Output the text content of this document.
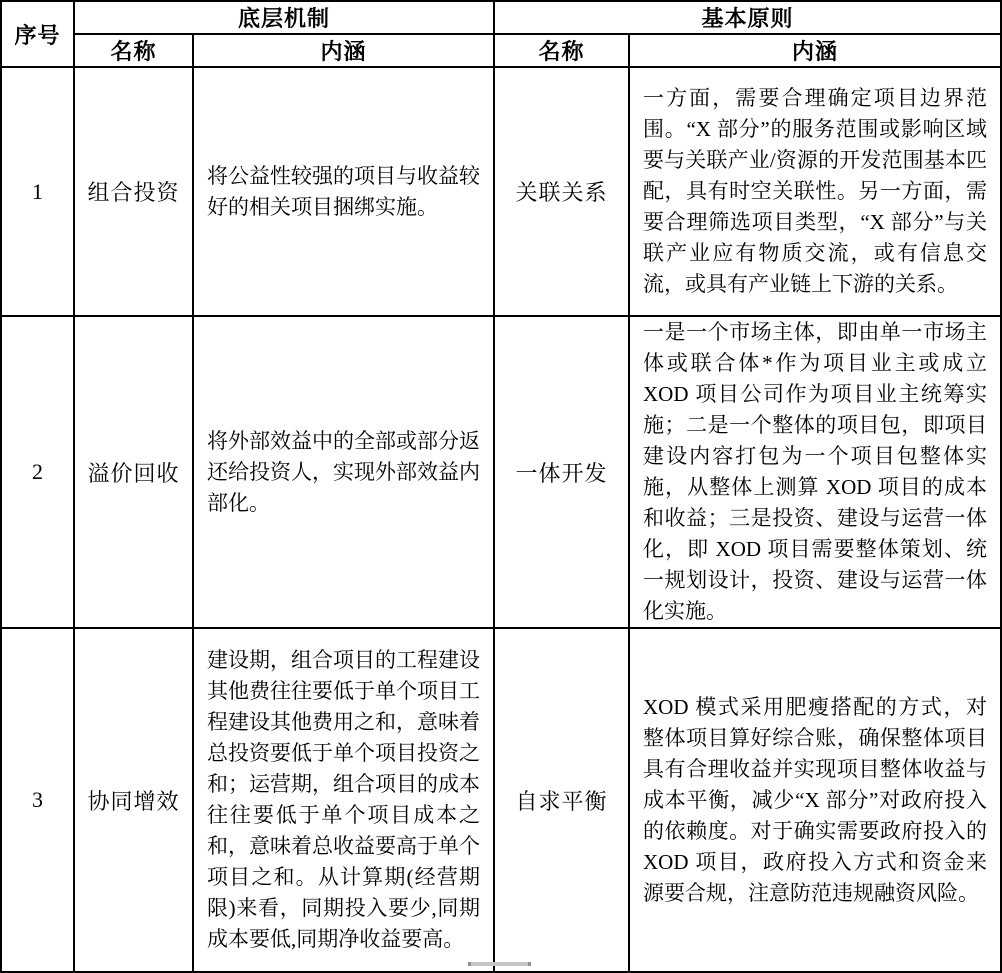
序号	底层机制		基本原则	
	名称	内涵	名称	内涵
1	组合投资	将公益性较强的项目与收益较好的相关项目捆绑实施。	关联关系	一方面，需要合理确定项目边界范围。“X 部分”的服务范围或影响区域要与关联产业/资源的开发范围基本匹配，具有时空关联性。另一方面，需要合理筛选项目类型，“X 部分”与关联产业应有物质交流，或有信息交流，或具有产业链上下游的关系。

2	溢价回收	将外部效益中的全部或部分返还给投资人，实现外部效益内部化。	一体开发	一是一个市场主体，即由单一市场主体或联合体*作为项目业主或成立 XOD 项目公司作为项目业主统筹实施；二是一个整体的项目包，即项目建设内容打包为一个项目包整体实施，从整体上测算 XOD 项目的成本和收益；三是投资、建设与运营一体化，即 XOD 项目需要整体策划、统一规划设计，投资、建设与运营一体化实施。

3	协同增效	建设期，组合项目的工程建设其他费往往要低于单个项目工程建设其他费用之和，意味着总投资要低于单个项目投资之和；运营期，组合项目的成本往往要低于单个项目成本之和，意味着总收益要高于单个项目之和。从计算期(经营期限)来看，同期投入要少,同期成本要低,同期净收益要高。	自求平衡	XOD 模式采用肥瘦搭配的方式，对整体项目算好综合账，确保整体项目具有合理收益并实现项目整体收益与成本平衡，减少“X 部分”对政府投入的依赖度。对于确实需要政府投入的 XOD 项目，政府投入方式和资金来源要合规，注意防范违规融资风险。
